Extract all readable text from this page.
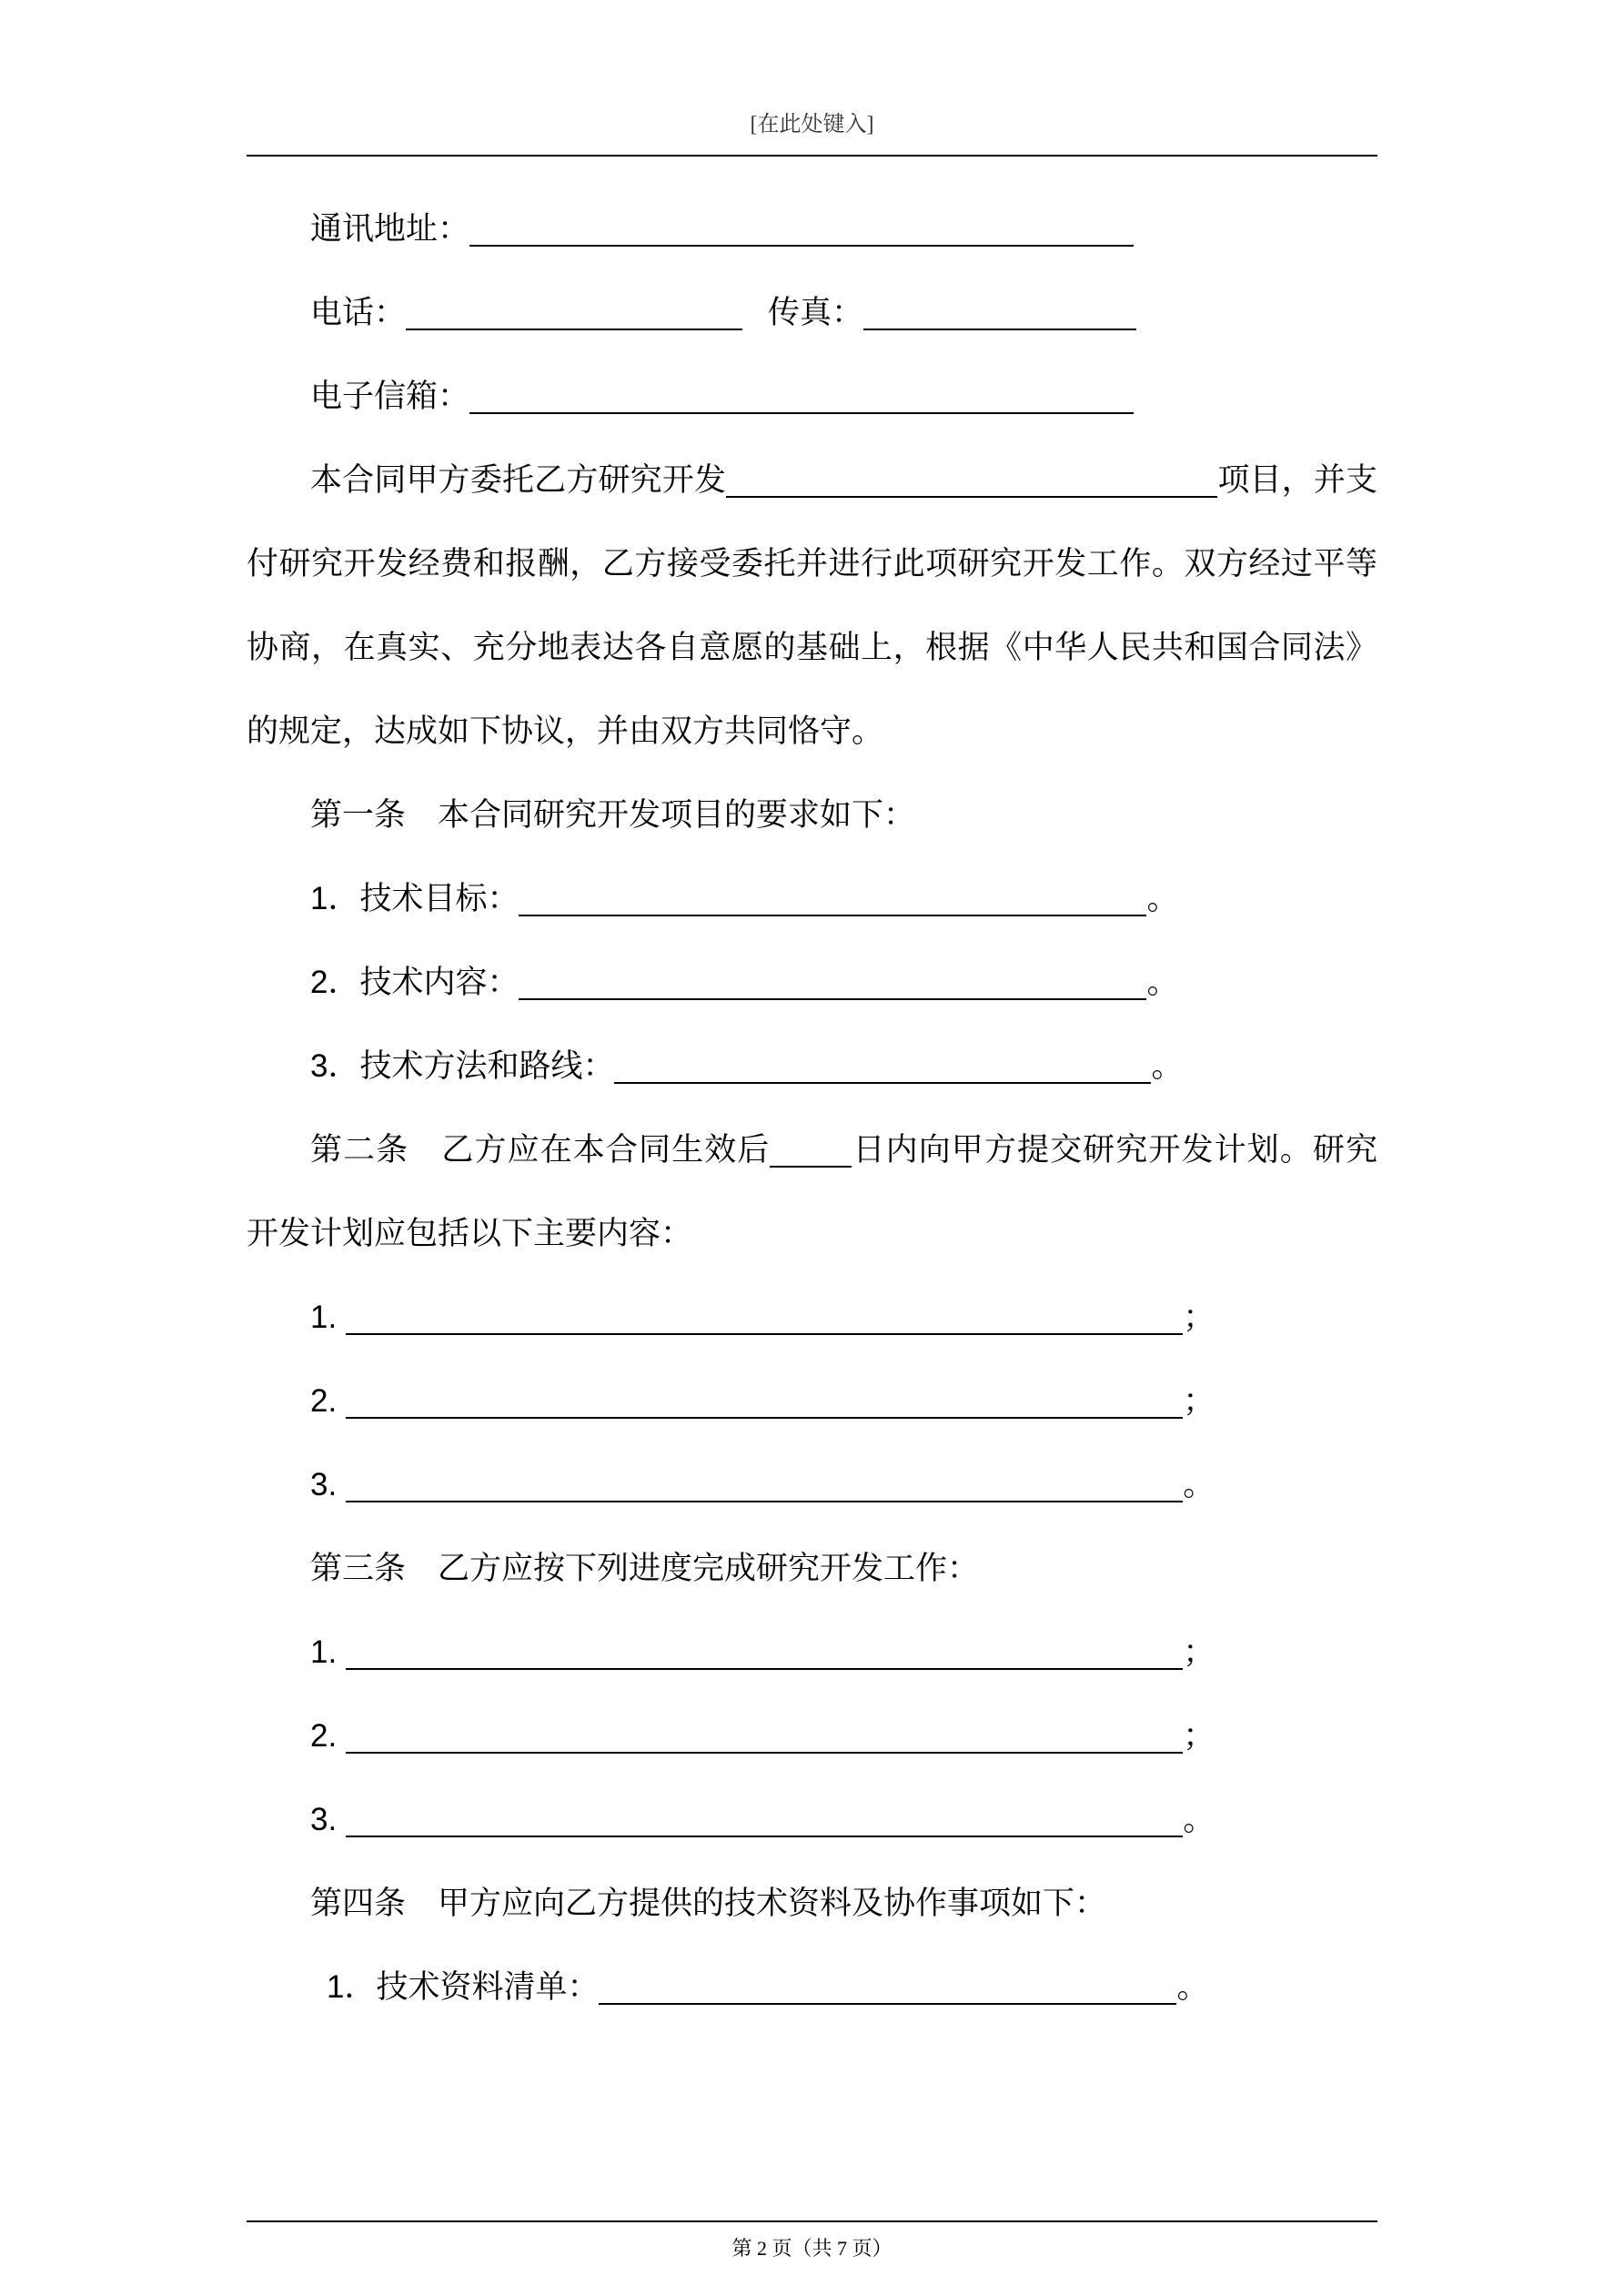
[在此处键入]

通讯地址：

电话：	传真：

电子信箱：

本合同甲方委托乙方研究开发	项目，并支付研究开发经费和报酬，乙方接受委托并进行此项研究开发工作。双方经过平等协商，在真实、充分地表达各自意愿的基础上，根据《中华人民共和国合同法》的规定，达成如下协议，并由双方共同恪守。

第一条　本合同研究开发项目的要求如下：

1．技术目标：	。

2．技术内容：	。

3．技术方法和路线：	。

第二条　乙方应在本合同生效后	日内向甲方提交研究开发计划。研究开发计划应包括以下主要内容：

1.	；

2.	；

3.	。

第三条　乙方应按下列进度完成研究开发工作：

1.	；

2.	；

3.	。

第四条　甲方应向乙方提供的技术资料及协作事项如下：

1．技术资料清单：	。

第 2 页（共 7 页）
